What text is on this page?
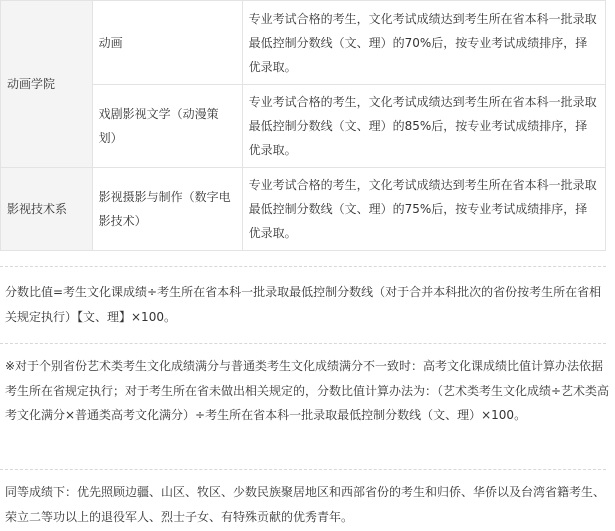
动画学院	动画	专业考试合格的考生，文化考试成绩达到考生所在省本科一批录取最低控制分数线（文、理）的70%后，按专业考试成绩排序，择优录取。
	戏剧影视文学（动漫策划）	专业考试合格的考生，文化考试成绩达到考生所在省本科一批录取最低控制分数线（文、理）的85%后，按专业考试成绩排序，择优录取。
影视技术系	影视摄影与制作（数字电影技术）	专业考试合格的考生，文化考试成绩达到考生所在省本科一批录取最低控制分数线（文、理）的75%后，按专业考试成绩排序，择优录取。

分数比值=考生文化课成绩÷考生所在省本科一批录取最低控制分数线（对于合并本科批次的省份按考生所在省相关规定执行）【文、理】×100。

※对于个别省份艺术类考生文化成绩满分与普通类考生文化成绩满分不一致时：高考文化课成绩比值计算办法依据考生所在省规定执行；对于考生所在省未做出相关规定的，分数比值计算办法为：（艺术类考生文化成绩÷艺术类高考文化满分×普通类高考文化满分）÷考生所在省本科一批录取最低控制分数线（文、理）×100。

同等成绩下：优先照顾边疆、山区、牧区、少数民族聚居地区和西部省份的考生和归侨、华侨以及台湾省籍考生、荣立二等功以上的退役军人、烈士子女、有特殊贡献的优秀青年。
